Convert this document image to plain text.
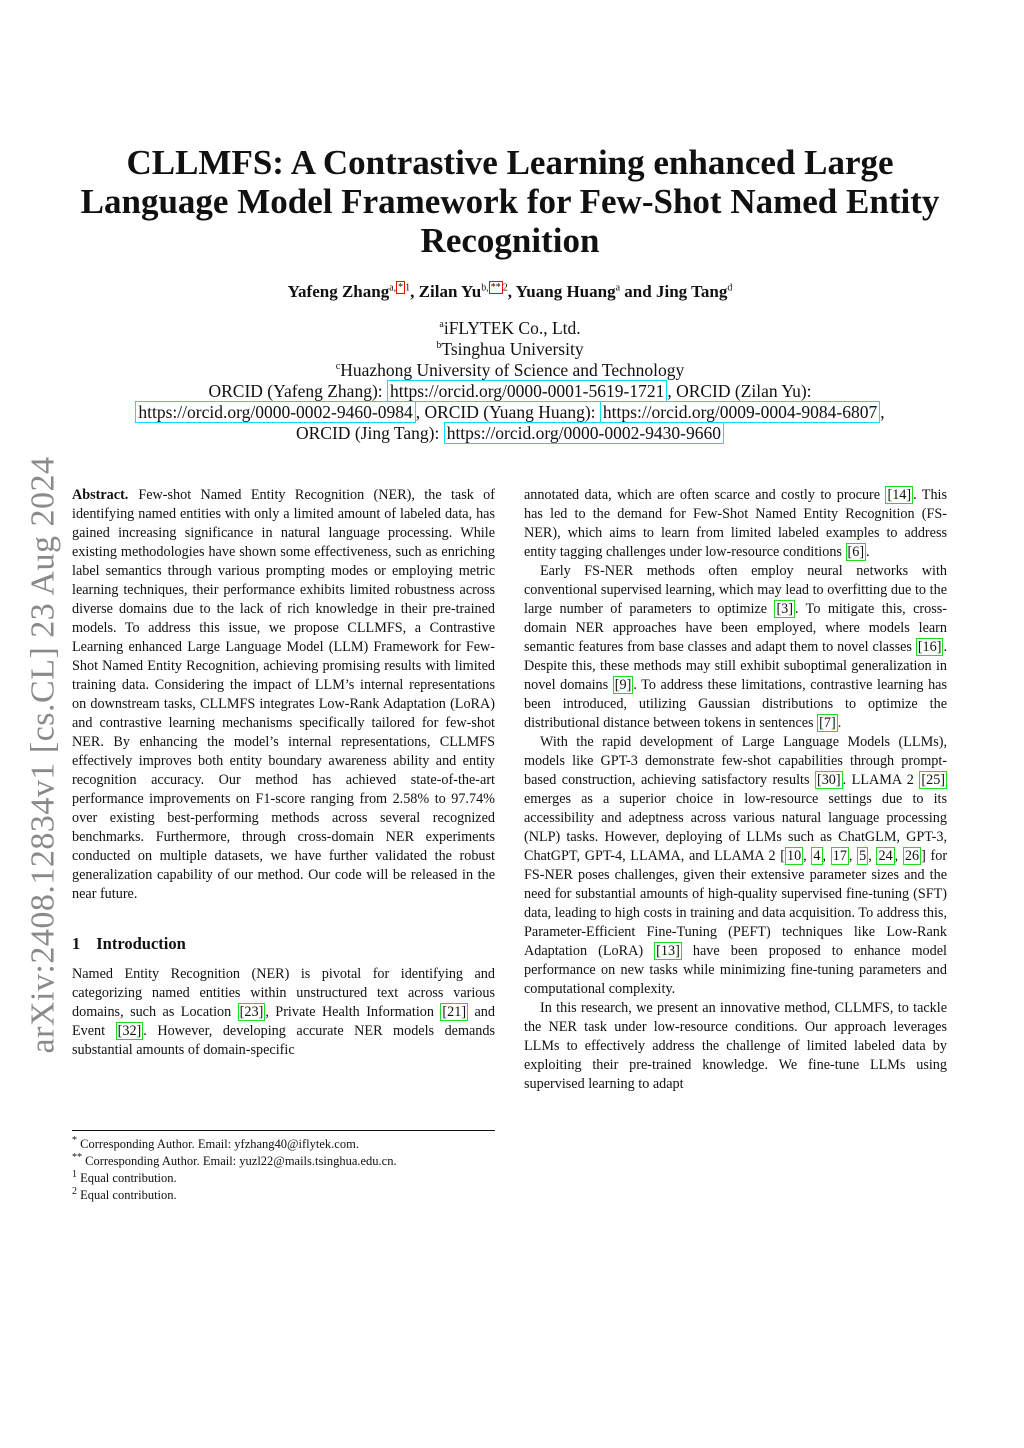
arXiv:2408.12834v1 [cs.CL] 23 Aug 2024
CLLMFS: A Contrastive Learning enhanced Large Language Model Framework for Few-Shot Named Entity Recognition
Yafeng Zhang$^{a, * 1}$, Zilan $Yu^{b, ** 2}$, Yuang Huang$^a$ and Jing Tang$^d$
$^a$iFLYTEK Co., Ltd.
$^b$Tsinghua University
$^c$Huazhong University of Science and Technology
ORCID (Yafeng Zhang): https://orcid.org/0000-0001-5619-1721 , ORCID (Zilan Yu):
https://orcid.org/0000-0002-9460-0984 , ORCID (Yuang Huang): https://orcid.org/0009-0004-9084-6807 ,
ORCID (Jing Tang): https://orcid.org/0000-0002-9430-9660

Abstract. Few-shot Named Entity Recognition (NER), the task of identifying named entities with only a limited amount of labeled data, has gained increasing significance in natural language processing. While existing methodologies have shown some effectiveness, such as enriching label semantics through various prompting modes or employing metric learning techniques, their performance exhibits limited robustness across diverse domains due to the lack of rich knowledge in their pre-trained models. To address this issue, we propose CLLMFS, a Contrastive Learning enhanced Large Language Model (LLM) Framework for Few-Shot Named Entity Recognition, achieving promising results with limited training data. Considering the impact of LLM’s internal representations on downstream tasks, CLLMFS integrates Low-Rank Adaptation (LoRA) and contrastive learning mechanisms specifically tailored for few-shot NER. By enhancing the model’s internal representations, CLLMFS effectively improves both entity boundary awareness ability and entity recognition accuracy. Our method has achieved state-of-the-art performance improvements on F1-score ranging from 2.58% to 97.74% over existing best-performing methods across several recognized benchmarks. Furthermore, through cross-domain NER experiments conducted on multiple datasets, we have further validated the robust generalization capability of our method. Our code will be released in the near future.

1 Introduction

Named Entity Recognition (NER) is pivotal for identifying and categorizing named entities within unstructured text across various domains, such as Location [23] , Private Health Information [21] and Event [32] . However, developing accurate NER models demands substantial amounts of domain-specific

* Corresponding Author. Email: yfzhang40@iflytek.com.
** Corresponding Author. Email: yuzl22@mails.tsinghua.edu.cn.
$^1$ Equal contribution.
$^2$ Equal contribution.

annotated data, which are often scarce and costly to procure [14] . This has led to the demand for Few-Shot Named Entity Recognition (FS-NER), which aims to learn from limited labeled examples to address entity tagging challenges under low-resource conditions [6] .

Early FS-NER methods often employ neural networks with conventional supervised learning, which may lead to overfitting due to the large number of parameters to optimize [3] . To mitigate this, cross-domain NER approaches have been employed, where models learn semantic features from base classes and adapt them to novel classes [16] . Despite this, these methods may still exhibit suboptimal generalization in novel domains [9] . To address these limitations, contrastive learning has been introduced, utilizing Gaussian distributions to optimize the distributional distance between tokens in sentences [7] .

With the rapid development of Large Language Models (LLMs), models like GPT-3 demonstrate few-shot capabilities through prompt-based construction, achieving satisfactory results [30] . LLAMA 2 [25] emerges as a superior choice in low-resource settings due to its accessibility and adeptness across various natural language processing (NLP) tasks. However, deploying of LLMs such as ChatGLM, GPT-3, ChatGPT, GPT-4, LLAMA, and LLAMA 2 [ 10 , 4 , 17 , 5 , 24 , 26 ] for FS-NER poses challenges, given their extensive parameter sizes and the need for substantial amounts of high-quality supervised fine-tuning (SFT) data, leading to high costs in training and data acquisition. To address this, Parameter-Efficient Fine-Tuning (PEFT) techniques like Low-Rank Adaptation (LoRA) [13] have been proposed to enhance model performance on new tasks while minimizing fine-tuning parameters and computational complexity.

In this research, we present an innovative method, CLLMFS, to tackle the NER task under low-resource conditions. Our approach leverages LLMs to effectively address the challenge of limited labeled data by exploiting their pre-trained knowledge. We fine-tune LLMs using supervised learning to adapt
